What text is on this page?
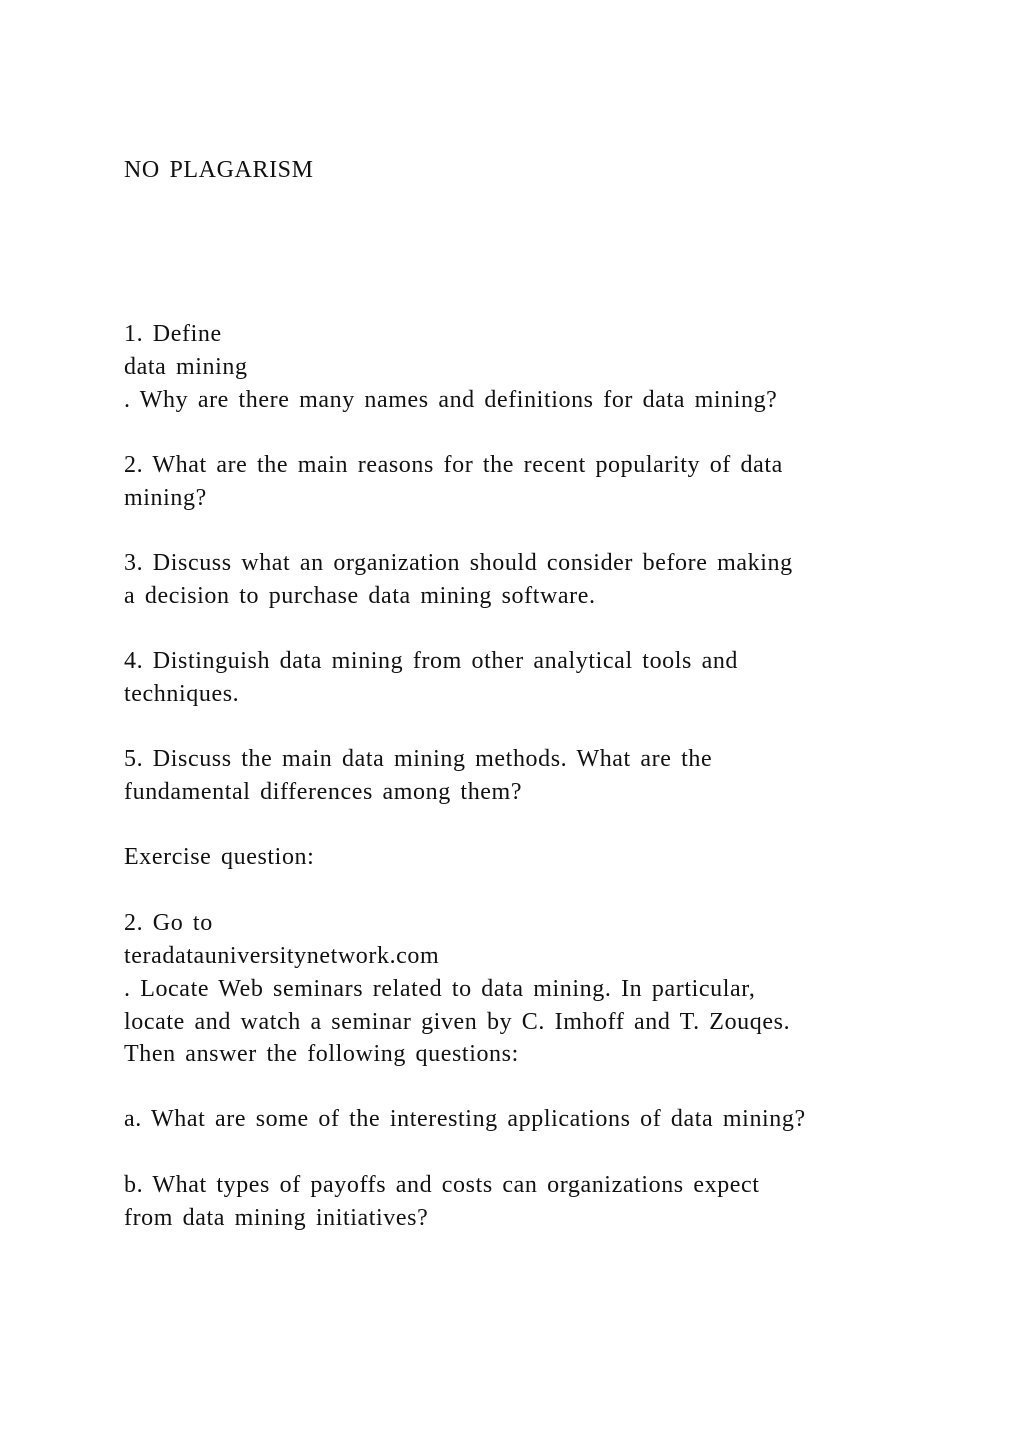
NO PLAGARISM
1. Define
data mining
. Why are there many names and definitions for data mining?
2. What are the main reasons for the recent popularity of data
mining?
3. Discuss what an organization should consider before making
a decision to purchase data mining software.
4. Distinguish data mining from other analytical tools and
techniques.
5. Discuss the main data mining methods. What are the
fundamental differences among them?
Exercise question:
2. Go to
teradatauniversitynetwork.com
. Locate Web seminars related to data mining. In particular,
locate and watch a seminar given by C. Imhoff and T. Zouqes.
Then answer the following questions:
a. What are some of the interesting applications of data mining?
b. What types of payoffs and costs can organizations expect
from data mining initiatives?
